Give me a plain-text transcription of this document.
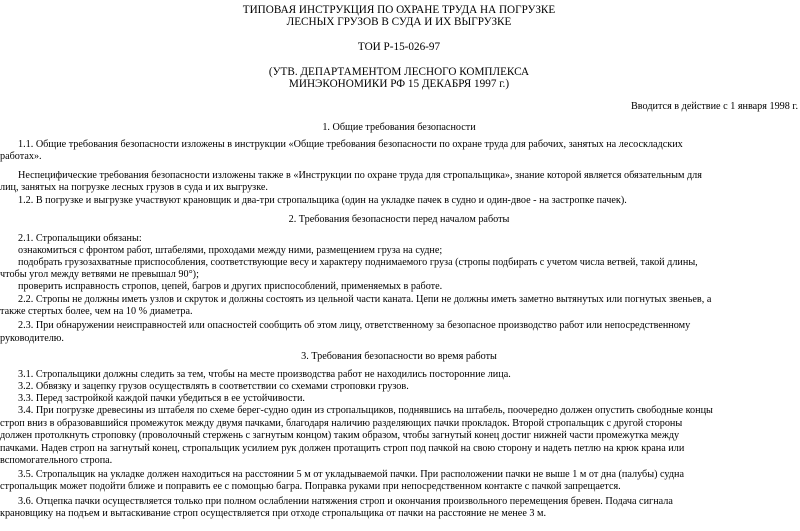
ТИПОВАЯ ИНСТРУКЦИЯ ПО ОХРАНЕ ТРУДА НА ПОГРУЗКЕ
ЛЕСНЫХ ГРУЗОВ В СУДА И ИХ ВЫГРУЗКЕ
ТОИ Р-15-026-97
(УТВ. ДЕПАРТАМЕНТОМ ЛЕСНОГО КОМПЛЕКСА
МИНЭКОНОМИКИ РФ 15 ДЕКАБРЯ 1997 г.)
Вводится в действие с 1 января 1998 г.
1. Общие требования безопасности
1.1. Общие требования безопасности изложены в инструкции «Общие требования безопасности по охране труда для рабочих, занятых на лесоскладских
работах».
Неспецифические требования безопасности изложены также в «Инструкции по охране труда для стропальщика», знание которой является обязательным для
лиц, занятых на погрузке лесных грузов в суда и их выгрузке.
1.2. В погрузке и выгрузке участвуют крановщик и два-три стропальщика (один на укладке пачек в судно и один-двое - на застропке пачек).
2. Требования безопасности перед началом работы
2.1. Стропальщики обязаны:
ознакомиться с фронтом работ, штабелями, проходами между ними, размещением груза на судне;
подобрать грузозахватные приспособления, соответствующие весу и характеру поднимаемого груза (стропы подбирать с учетом числа ветвей, такой длины,
чтобы угол между ветвями не превышал 90°);
проверить исправность стропов, цепей, багров и других приспособлений, применяемых в работе.
2.2. Стропы не должны иметь узлов и скруток и должны состоять из цельной части каната. Цепи не должны иметь заметно вытянутых или погнутых звеньев, а
также стертых более, чем на 10 % диаметра.
2.3. При обнаружении неисправностей или опасностей сообщить об этом лицу, ответственному за безопасное производство работ или непосредственному
руководителю.
3. Требования безопасности во время работы
3.1. Стропальщики должны следить за тем, чтобы на месте производства работ не находились посторонние лица.
3.2. Обвязку и зацепку грузов осуществлять в соответствии со схемами строповки грузов.
3.3. Перед застройкой каждой пачки убедиться в ее устойчивости.
3.4. При погрузке древесины из штабеля по схеме берег-судно один из стропальщиков, поднявшись на штабель, поочередно должен опустить свободные концы
строп вниз в образовавшийся промежуток между двумя пачками, благодаря наличию разделяющих пачки прокладок. Второй стропальщик с другой стороны
должен протолкнуть строповку (проволочный стержень с загнутым концом) таким образом, чтобы загнутый конец достиг нижней части промежутка между
пачками. Надев строп на загнутый конец, стропальщик усилием рук должен протащить строп под пачкой на свою сторону и надеть петлю на крюк крана или
вспомогательного стропа.
3.5. Стропальщик на укладке должен находиться на расстоянии 5 м от укладываемой пачки. При расположении пачки не выше 1 м от дна (палубы) судна
стропальщик может подойти ближе и поправить ее с помощью багра. Поправка руками при непосредственном контакте с пачкой запрещается.
3.6. Отцепка пачки осуществляется только при полном ослаблении натяжения строп и окончания произвольного перемещения бревен. Подача сигнала
крановщику на подъем и вытаскивание строп осуществляется при отходе стропальщика от пачки на расстояние не менее 3 м.
